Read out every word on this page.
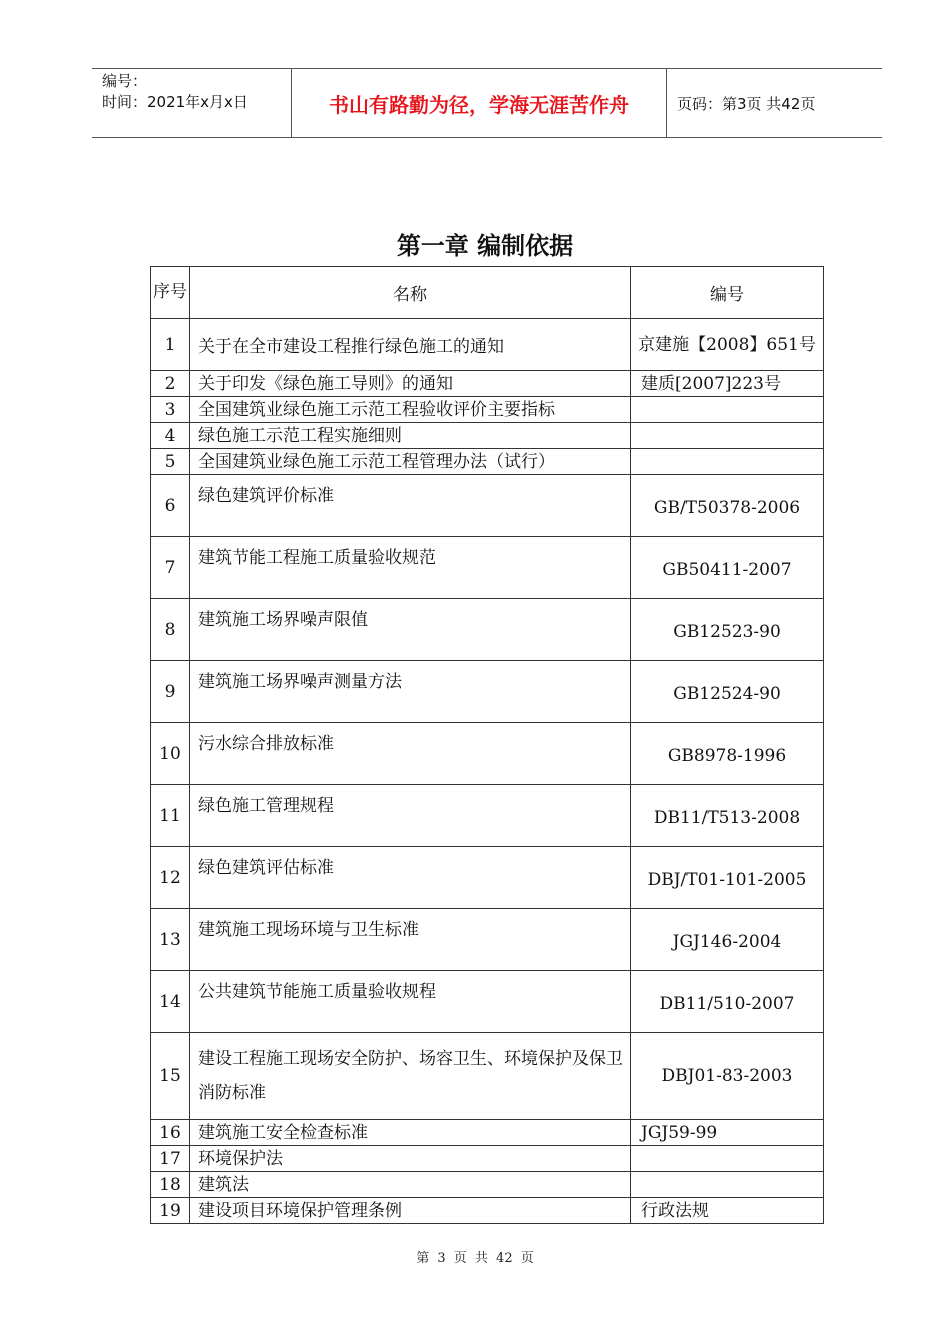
编号：
时间：2021年x月x日	书山有路勤为径，学海无涯苦作舟	页码：第3页 共42页
第一章 编制依据
序号	名称	编号
1	关于在全市建设工程推行绿色施工的通知	京建施【2008】651号
2	关于印发《绿色施工导则》的通知	建质[2007]223号
3	全国建筑业绿色施工示范工程验收评价主要指标	
4	绿色施工示范工程实施细则	
5	全国建筑业绿色施工示范工程管理办法（试行）	
6	绿色建筑评价标准	GB/T50378-2006
7	建筑节能工程施工质量验收规范	GB50411-2007
8	建筑施工场界噪声限值	GB12523-90
9	建筑施工场界噪声测量方法	GB12524-90
10	污水综合排放标准	GB8978-1996
11	绿色施工管理规程	DB11/T513-2008
12	绿色建筑评估标准	DBJ/T01-101-2005
13	建筑施工现场环境与卫生标准	JGJ146-2004
14	公共建筑节能施工质量验收规程	DB11/510-2007
15	建设工程施工现场安全防护、场容卫生、环境保护及保卫消防标准	DBJ01-83-2003
16	建筑施工安全检查标准	JGJ59-99
17	环境保护法	
18	建筑法	
19	建设项目环境保护管理条例	行政法规
第 3 页 共 42 页
